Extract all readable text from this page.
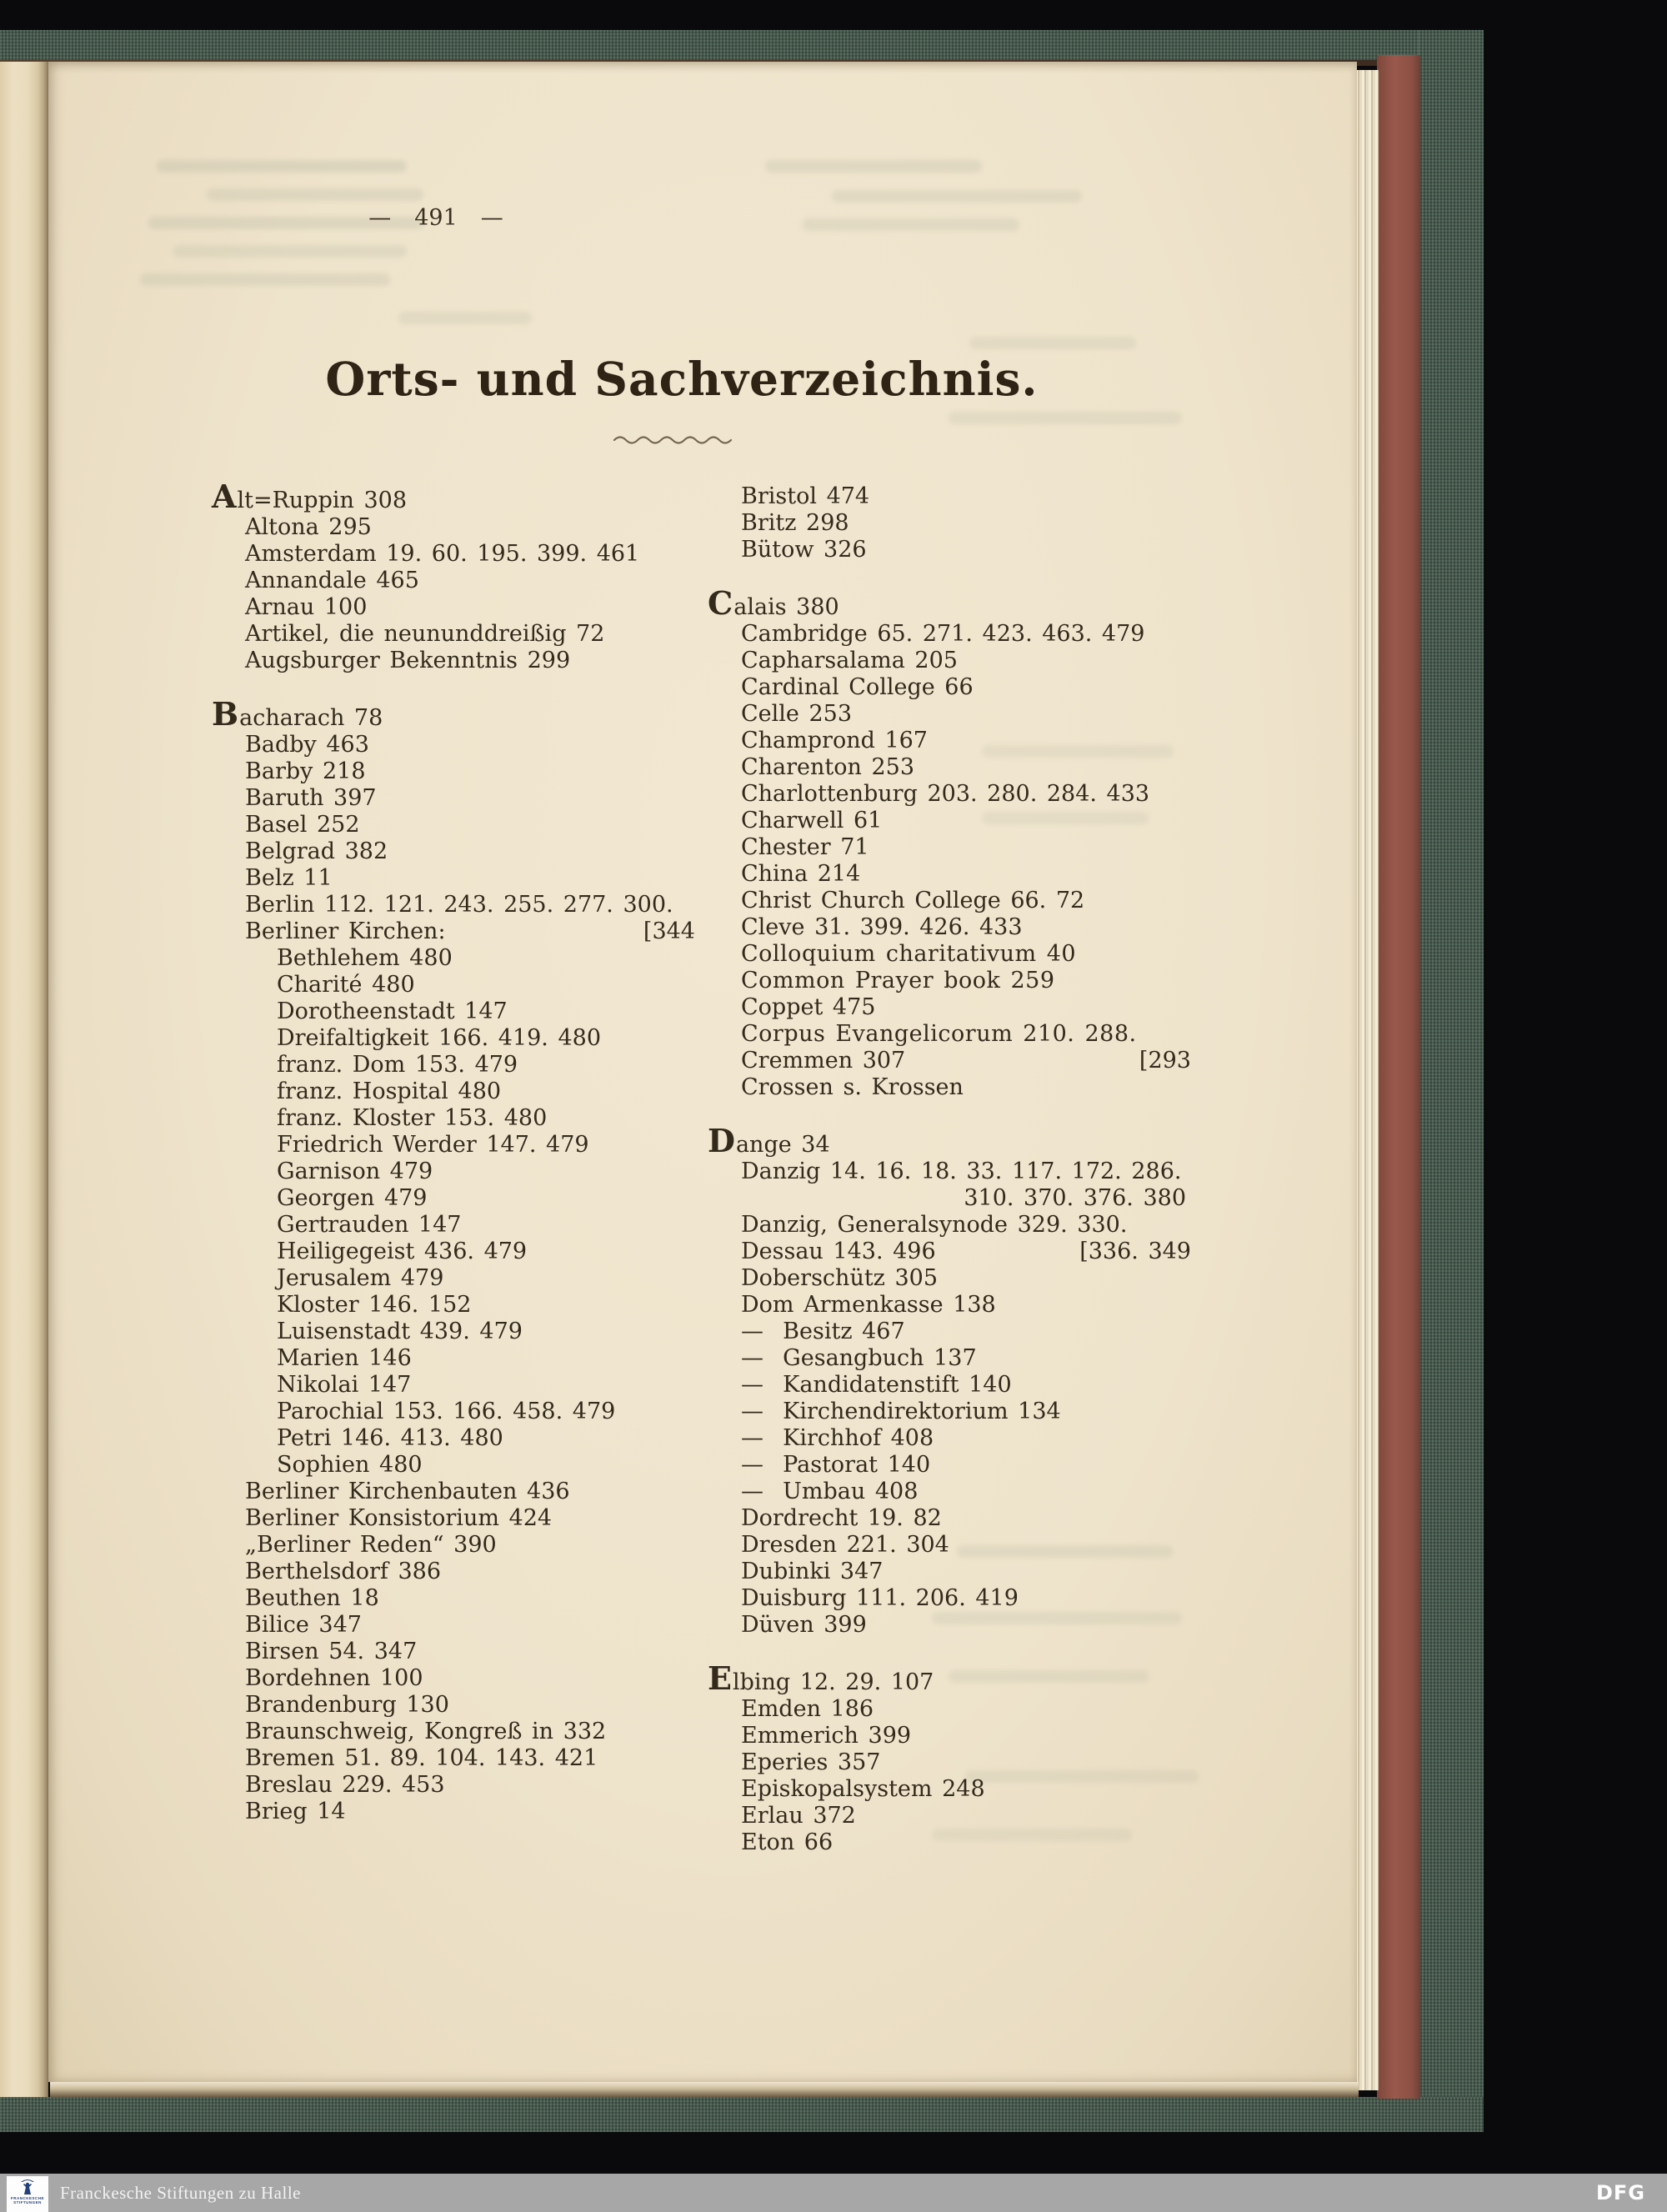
— 491 —
Orts- und Sachverzeichnis.
Alt=Ruppin 308
Altona 295
Amsterdam 19. 60. 195. 399. 461
Annandale 465
Arnau 100
Artikel, die neununddreißig 72
Augsburger Bekenntnis 299
Bacharach 78
Badby 463
Barby 218
Baruth 397
Basel 252
Belgrad 382
Belz 11
Berlin 112. 121. 243. 255. 277. 300.
Berliner Kirchen:	[344
Bethlehem 480
Charité 480
Dorotheenstadt 147
Dreifaltigkeit 166. 419. 480
franz. Dom 153. 479
franz. Hospital 480
franz. Kloster 153. 480
Friedrich Werder 147. 479
Garnison 479
Georgen 479
Gertrauden 147
Heiligegeist 436. 479
Jerusalem 479
Kloster 146. 152
Luisenstadt 439. 479
Marien 146
Nikolai 147
Parochial 153. 166. 458. 479
Petri 146. 413. 480
Sophien 480
Berliner Kirchenbauten 436
Berliner Konsistorium 424
„Berliner Reden“ 390
Berthelsdorf 386
Beuthen 18
Bilice 347
Birsen 54. 347
Bordehnen 100
Brandenburg 130
Braunschweig, Kongreß in 332
Bremen 51. 89. 104. 143. 421
Breslau 229. 453
Brieg 14
Bristol 474
Britz 298
Bütow 326
Calais 380
Cambridge 65. 271. 423. 463. 479
Capharsalama 205
Cardinal College 66
Celle 253
Champrond 167
Charenton 253
Charlottenburg 203. 280. 284. 433
Charwell 61
Chester 71
China 214
Christ Church College 66. 72
Cleve 31. 399. 426. 433
Colloquium charitativum 40
Common Prayer book 259
Coppet 475
Corpus Evangelicorum 210. 288.
Cremmen 307	[293
Crossen s. Krossen
Dange 34
Danzig 14. 16. 18. 33. 117. 172. 286.
310. 370. 376. 380
Danzig, Generalsynode 329. 330.
Dessau 143. 496	[336. 349
Doberschütz 305
Dom Armenkasse 138
—  Besitz 467
—  Gesangbuch 137
—  Kandidatenstift 140
—  Kirchendirektorium 134
—  Kirchhof 408
—  Pastorat 140
—  Umbau 408
Dordrecht 19. 82
Dresden 221. 304
Dubinki 347
Duisburg 111. 206. 419
Düven 399
Elbing 12. 29. 107
Emden 186
Emmerich 399
Eperies 357
Episkopalsystem 248
Erlau 372
Eton 66
FRANCKESCHE
STIFTUNGEN Franckesche Stiftungen zu Halle	DFG
